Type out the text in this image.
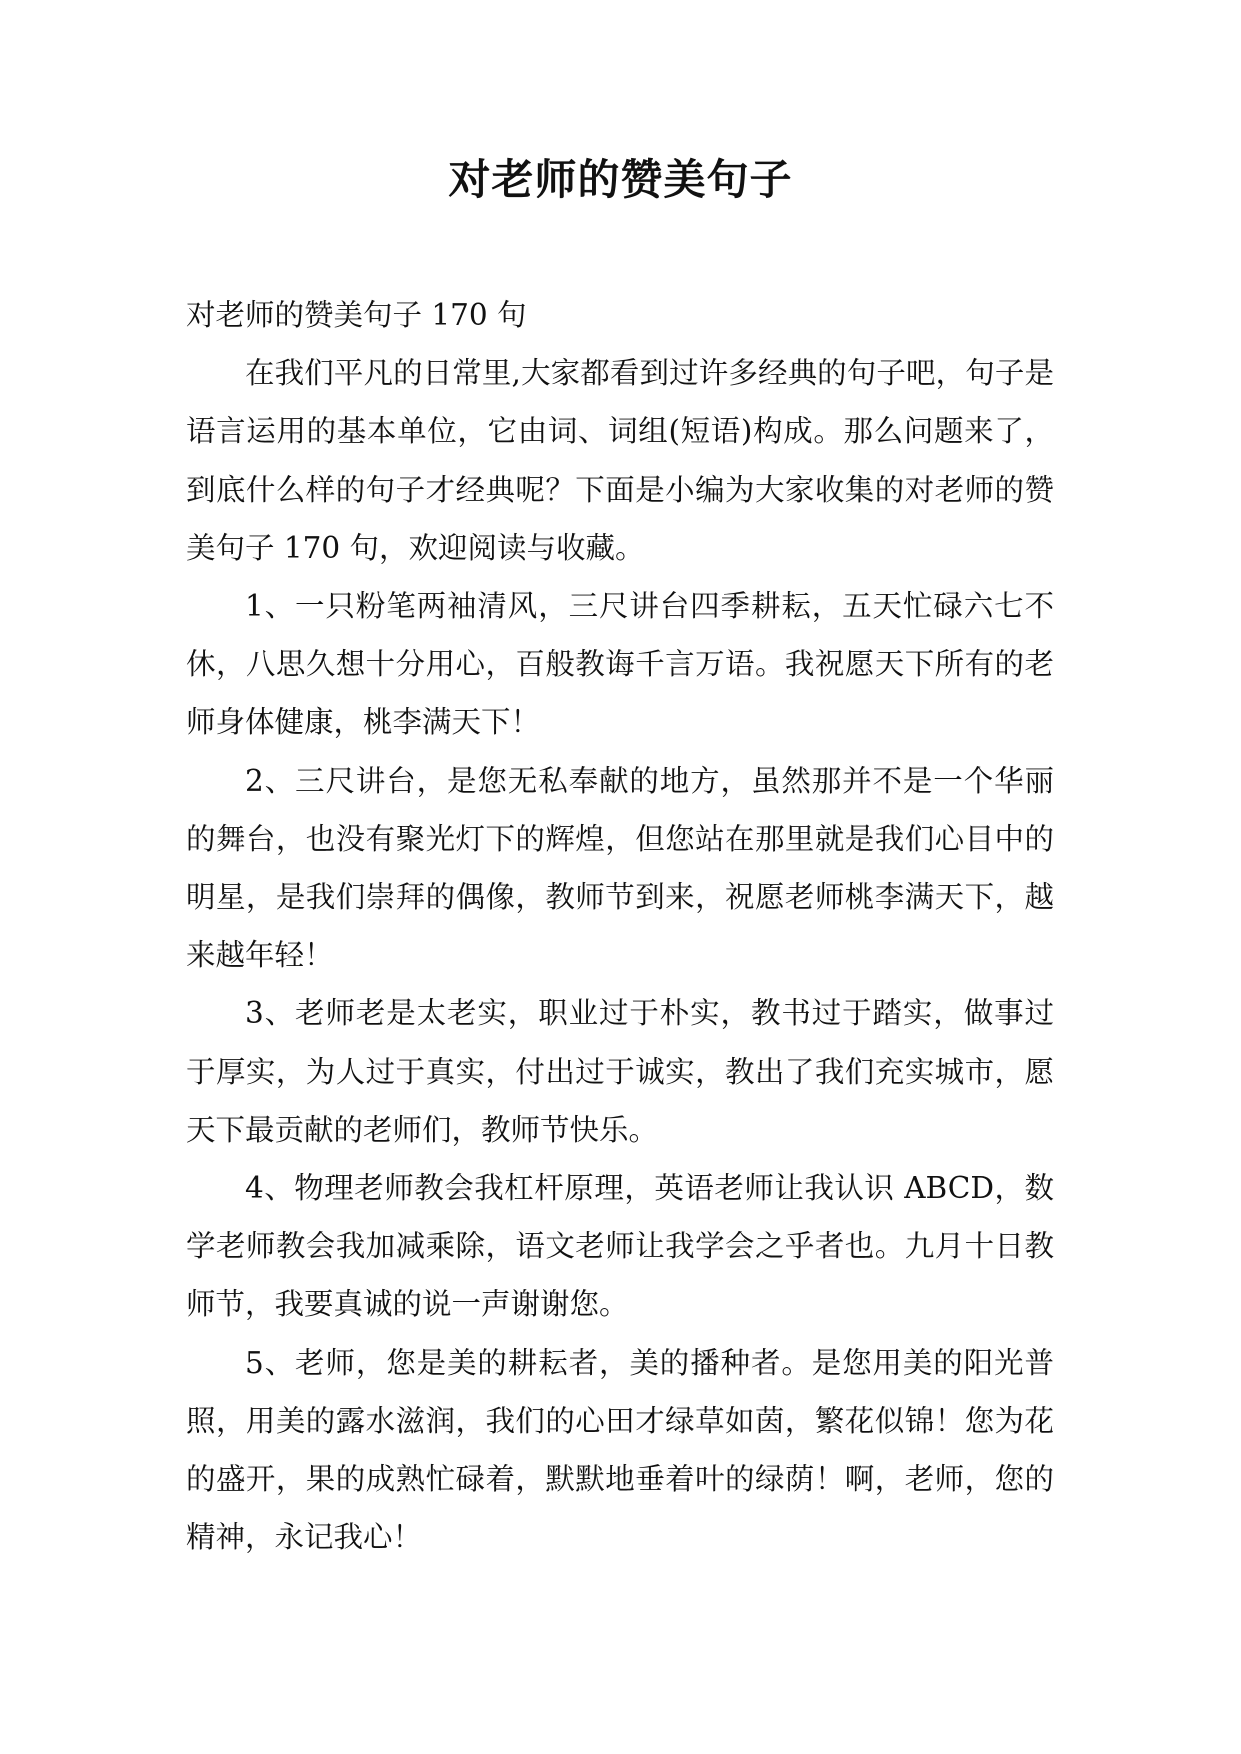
对老师的赞美句子

对老师的赞美句子 170 句

在我们平凡的日常里,大家都看到过许多经典的句子吧，句子是语言运用的基本单位，它由词、词组(短语)构成。那么问题来了，到底什么样的句子才经典呢？下面是小编为大家收集的对老师的赞美句子 170 句，欢迎阅读与收藏。

1、一只粉笔两袖清风，三尺讲台四季耕耘，五天忙碌六七不休，八思久想十分用心，百般教诲千言万语。我祝愿天下所有的老师身体健康，桃李满天下！

2、三尺讲台，是您无私奉献的地方，虽然那并不是一个华丽的舞台，也没有聚光灯下的辉煌，但您站在那里就是我们心目中的明星，是我们崇拜的偶像，教师节到来，祝愿老师桃李满天下，越来越年轻！

3、老师老是太老实，职业过于朴实，教书过于踏实，做事过于厚实，为人过于真实，付出过于诚实，教出了我们充实城市，愿天下最贡献的老师们，教师节快乐。

4、物理老师教会我杠杆原理，英语老师让我认识 ABCD，数学老师教会我加减乘除，语文老师让我学会之乎者也。九月十日教师节，我要真诚的说一声谢谢您。

5、老师，您是美的耕耘者，美的播种者。是您用美的阳光普照，用美的露水滋润，我们的心田才绿草如茵，繁花似锦！您为花的盛开，果的成熟忙碌着，默默地垂着叶的绿荫！啊，老师，您的精神，永记我心！
